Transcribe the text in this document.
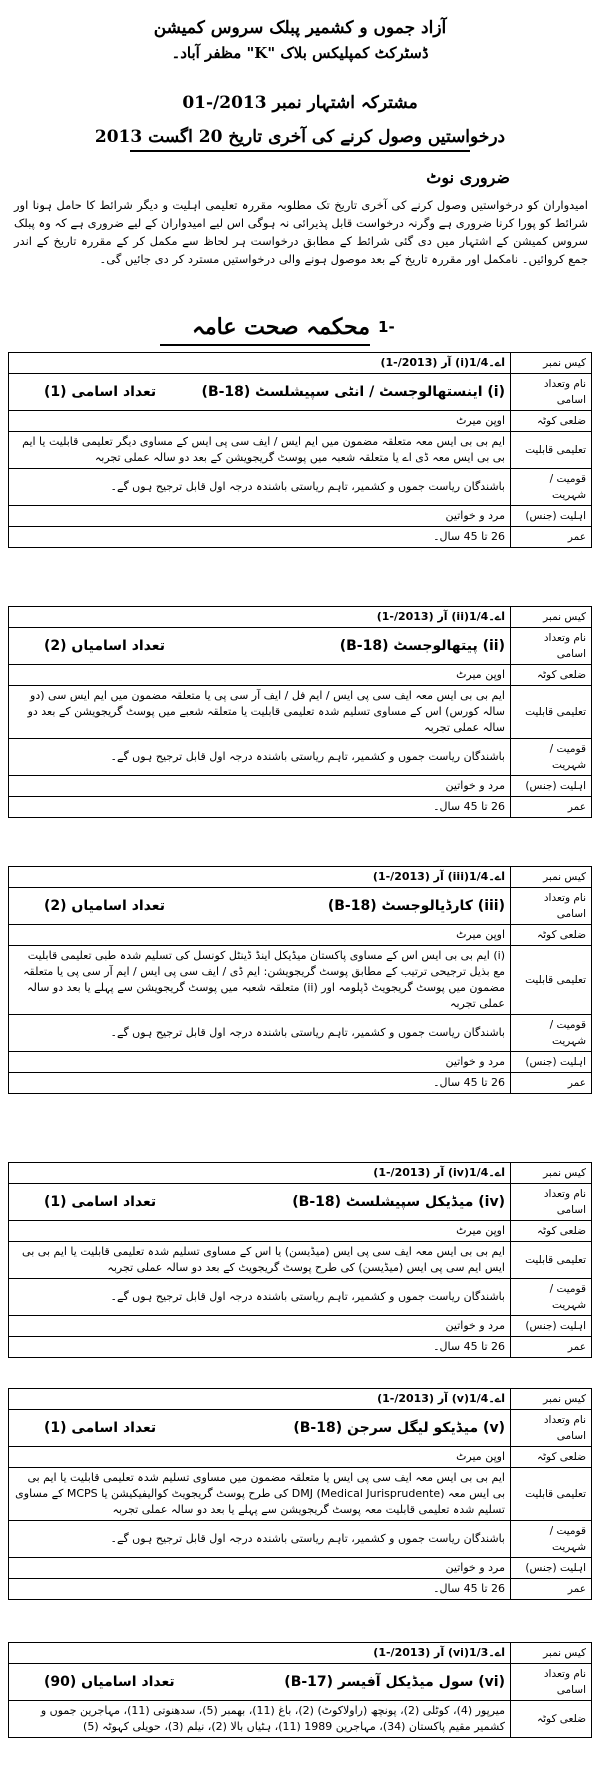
آزاد جموں و کشمیر پبلک سروس کمیشن
ڈسٹرکٹ کمپلیکس بلاک "K" مظفر آباد۔
مشترکہ اشتہار نمبر 2013/-01
درخواستیں وصول کرنے کی آخری تاریخ 20 اگست 2013
ضروری نوٹ
امیدواران کو درخواستیں وصول کرنے کی آخری تاریخ تک مطلوبہ مقررہ تعلیمی اہلیت و دیگر شرائط کا حامل ہونا اور شرائط کو پورا کرنا ضروری ہے وگرنہ درخواست قابل پذیرائی نہ ہوگی اس لیے امیدواران کے لیے ضروری ہے کہ وہ پبلک سروس کمیشن کے اشتہار میں دی گئی شرائط کے مطابق درخواست ہر لحاظ سے مکمل کر کے مقررہ تاریخ کے اندر جمع کروائیں۔ نامکمل اور مقررہ تاریخ کے بعد موصول ہونے والی درخواستیں مسترد کر دی جائیں گی۔
محکمہ صحت عامہ -1
کیس نمبر	اے۔1/4(i) آر (2013/-1)
نام وتعداد اسامی	(i) اینستھالوجسٹ / انٹی سپیشلسٹ (B-18)
تعداد اسامی (1)

ضلعی کوٹہ	اوپن میرٹ
تعلیمی قابلیت	ایم بی بی ایس معہ متعلقہ مضمون میں ایم ایس / ایف سی پی ایس کے مساوی دیگر تعلیمی قابلیت یا ایم بی بی ایس معہ ڈی اے یا متعلقہ شعبہ میں پوسٹ گریجویشن کے بعد دو سالہ عملی تجربہ
قومیت / شہریت	باشندگان ریاست جموں و کشمیر، تاہم ریاستی باشندہ درجہ اول قابل ترجیح ہوں گے۔
اہلیت (جنس)	مرد و خواتین
عمر	26 تا 45 سال۔
کیس نمبر	اے۔1/4(ii) آر (2013/-1)
نام وتعداد اسامی	(ii) پیتھالوجسٹ (B-18)
تعداد اسامیاں (2)

ضلعی کوٹہ	اوپن میرٹ
تعلیمی قابلیت	ایم بی بی ایس معہ ایف سی پی ایس / ایم فل / ایف آر سی پی یا متعلقہ مضمون میں ایم ایس سی (دو سالہ کورس) اس کے مساوی تسلیم شدہ تعلیمی قابلیت یا متعلقہ شعبے میں پوسٹ گریجویشن کے بعد دو سالہ عملی تجربہ
قومیت / شہریت	باشندگان ریاست جموں و کشمیر، تاہم ریاستی باشندہ درجہ اول قابل ترجیح ہوں گے۔
اہلیت (جنس)	مرد و خواتین
عمر	26 تا 45 سال۔
کیس نمبر	اے۔1/4(iii) آر (2013/-1)
نام وتعداد اسامی	(iii) کارڈیالوجسٹ (B-18)
تعداد اسامیاں (2)

ضلعی کوٹہ	اوپن میرٹ
تعلیمی قابلیت	(i) ایم بی بی ایس اس کے مساوی پاکستان میڈیکل اینڈ ڈینٹل کونسل کی تسلیم شدہ طبی تعلیمی قابلیت مع بذیل ترجیحی ترتیب کے مطابق پوسٹ گریجویشن: ایم ڈی / ایف سی پی ایس / ایم آر سی پی یا متعلقہ مضمون میں پوسٹ گریجویٹ ڈپلومہ اور (ii) متعلقہ شعبہ میں پوسٹ گریجویشن سے پہلے یا بعد دو سالہ عملی تجربہ
قومیت / شہریت	باشندگان ریاست جموں و کشمیر، تاہم ریاستی باشندہ درجہ اول قابل ترجیح ہوں گے۔
اہلیت (جنس)	مرد و خواتین
عمر	26 تا 45 سال۔
کیس نمبر	اے۔1/4(iv) آر (2013/-1)
نام وتعداد اسامی	(iv) میڈیکل سپیشلسٹ (B-18)
تعداد اسامی (1)

ضلعی کوٹہ	اوپن میرٹ
تعلیمی قابلیت	ایم بی بی ایس معہ ایف سی پی ایس (میڈیسن) یا اس کے مساوی تسلیم شدہ تعلیمی قابلیت یا ایم بی بی ایس ایم سی پی ایس (میڈیسن) کی طرح پوسٹ گریجویٹ کے بعد دو سالہ عملی تجربہ
قومیت / شہریت	باشندگان ریاست جموں و کشمیر، تاہم ریاستی باشندہ درجہ اول قابل ترجیح ہوں گے۔
اہلیت (جنس)	مرد و خواتین
عمر	26 تا 45 سال۔
کیس نمبر	اے۔1/4(v) آر (2013/-1)
نام وتعداد اسامی	(v) میڈیکو لیگل سرجن (B-18)
تعداد اسامی (1)

ضلعی کوٹہ	اوپن میرٹ
تعلیمی قابلیت	ایم بی بی ایس معہ ایف سی پی ایس یا متعلقہ مضمون میں مساوی تسلیم شدہ تعلیمی قابلیت یا ایم بی بی ایس معہ (Medical Jurisprudente) DMJ کی طرح پوسٹ گریجویٹ کوالیفیکیشن یا MCPS کے مساوی تسلیم شدہ تعلیمی قابلیت معہ پوسٹ گریجویشن سے پہلے یا بعد دو سالہ عملی تجربہ
قومیت / شہریت	باشندگان ریاست جموں و کشمیر، تاہم ریاستی باشندہ درجہ اول قابل ترجیح ہوں گے۔
اہلیت (جنس)	مرد و خواتین
عمر	26 تا 45 سال۔
کیس نمبر	اے۔1/3(vi) آر (2013/-1)
نام وتعداد اسامی	(vi) سول میڈیکل آفیسر (B-17)
تعداد اسامیاں (90)

ضلعی کوٹہ	میرپور (4)، کوٹلی (2)، پونچھ (راولاکوٹ) (2)، باغ (11)، بھمبر (5)، سدھنوتی (11)، مہاجرین جموں و کشمیر مقیم پاکستان (34)، مہاجرین 1989 (11)، ہٹیاں بالا (2)، نیلم (3)، حویلی کہوٹہ (5)
